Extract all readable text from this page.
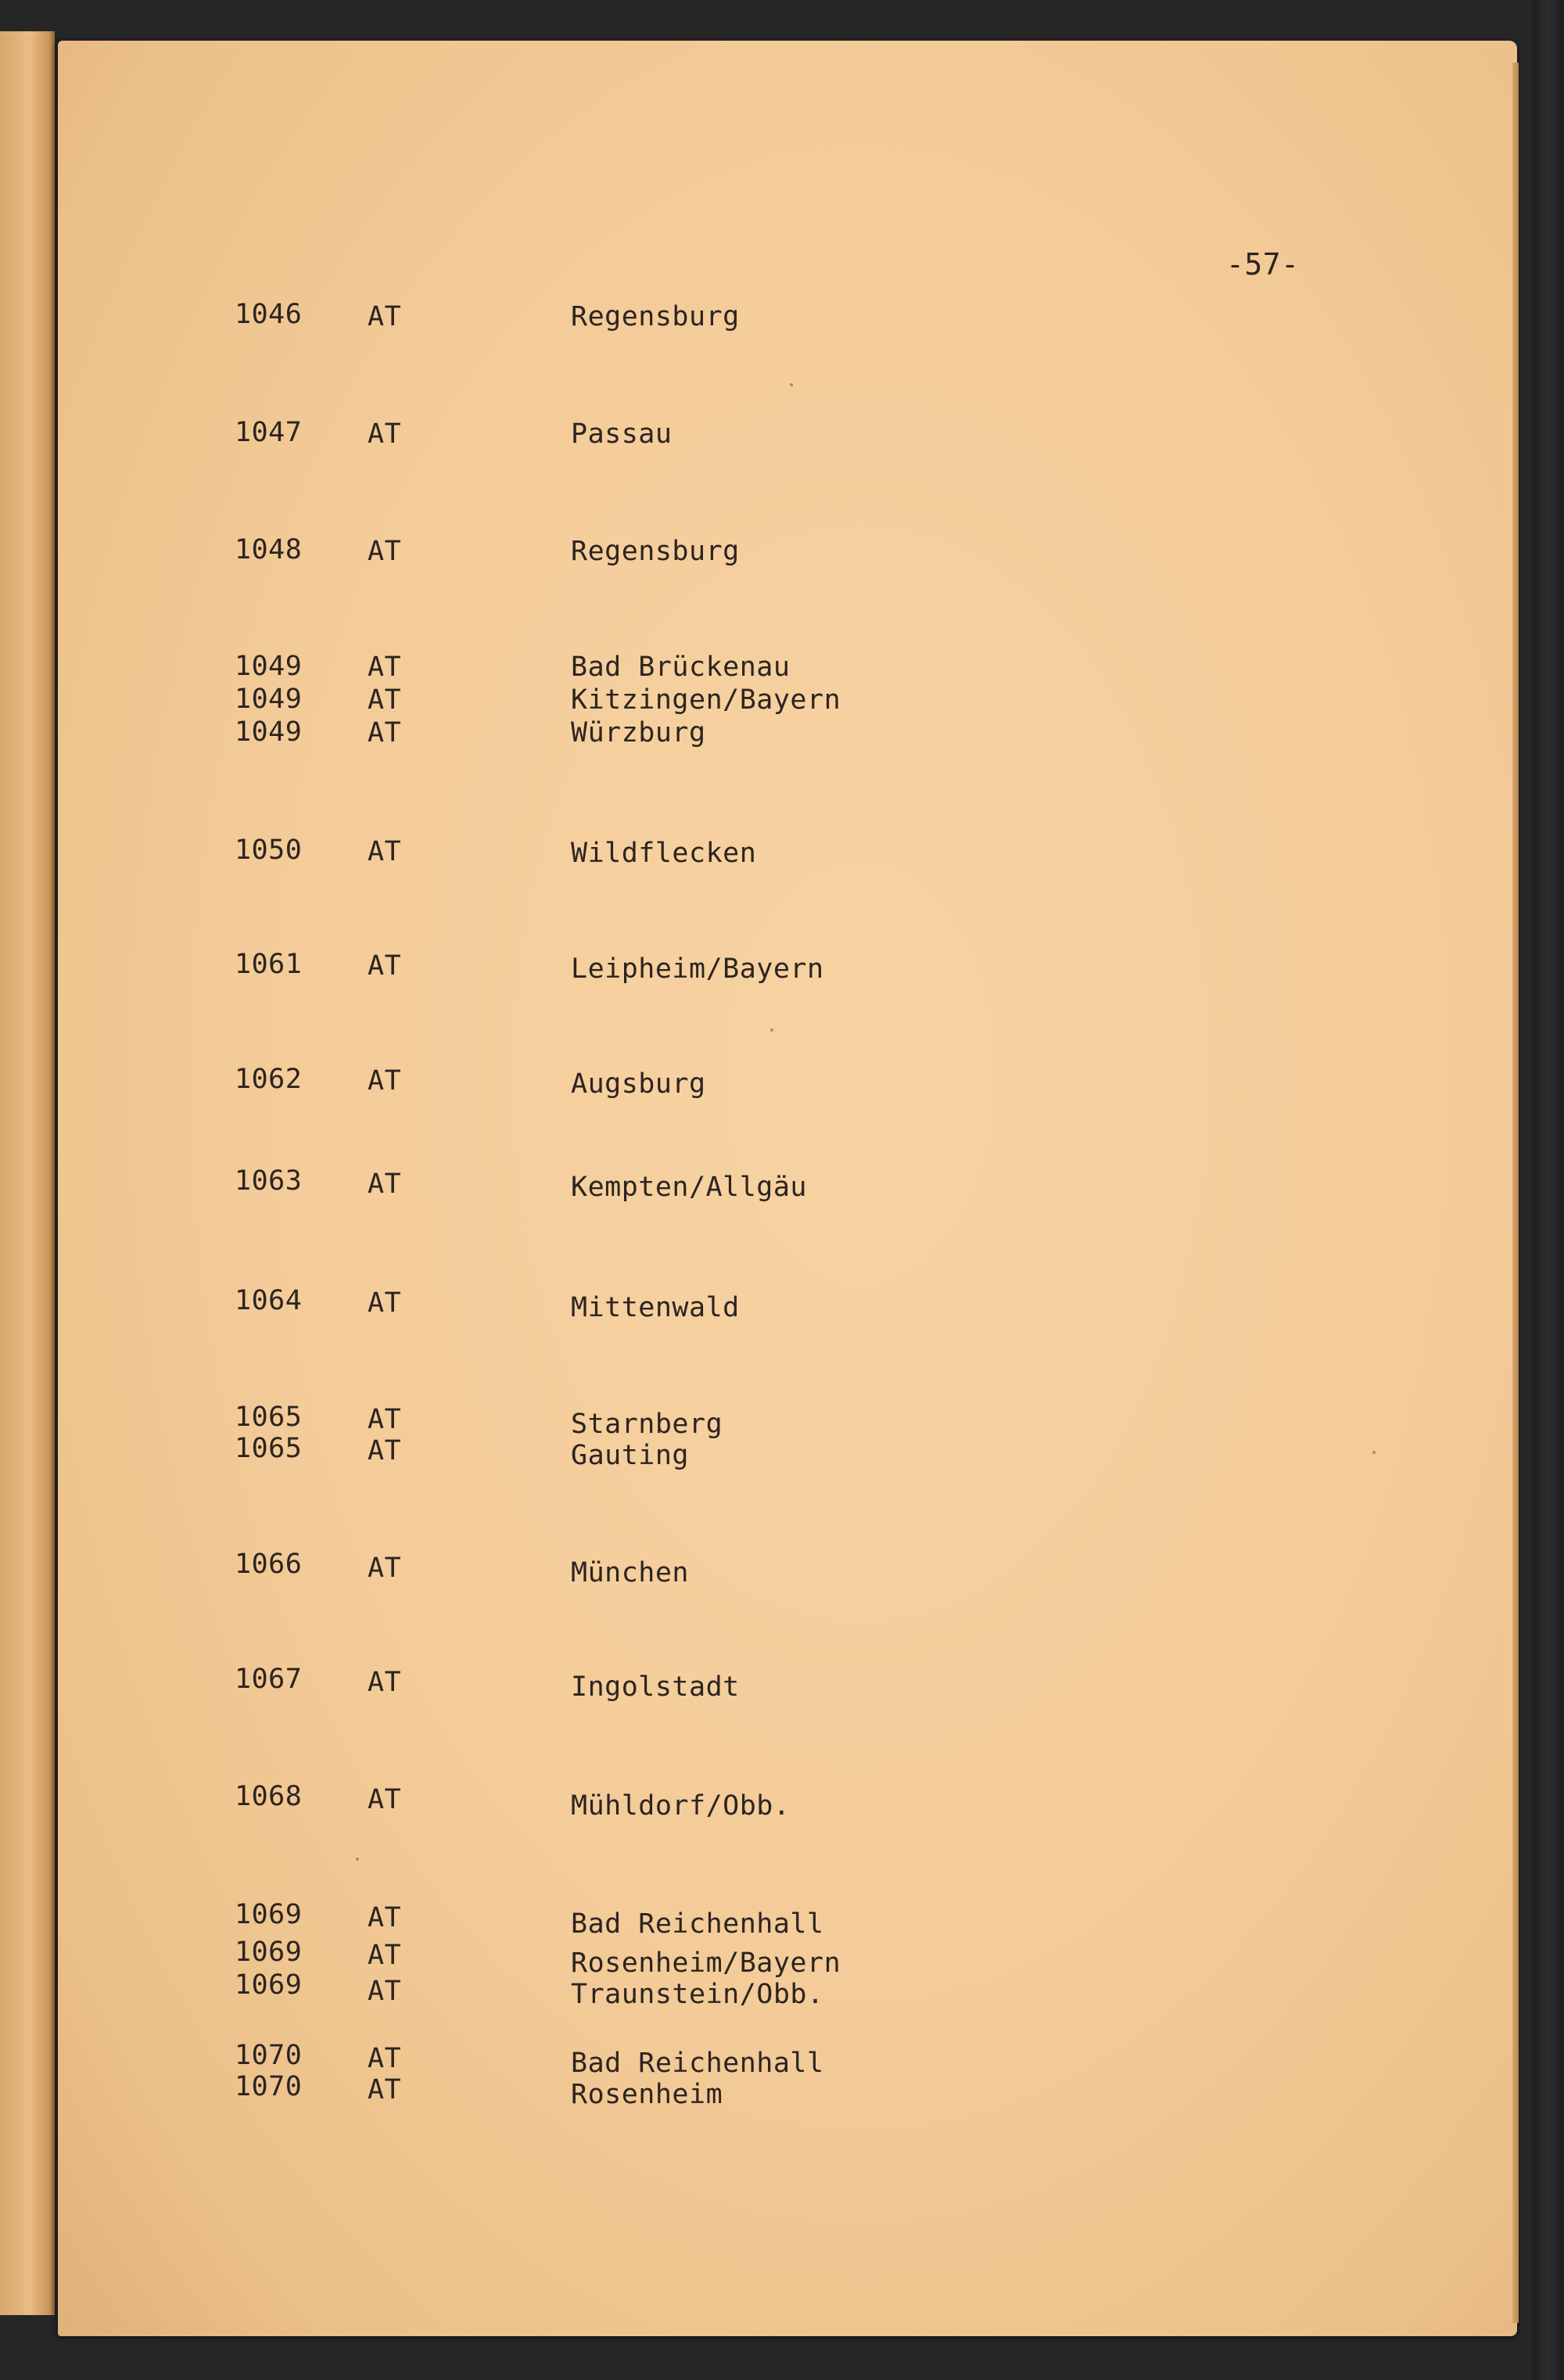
-57-
1046 AT	Regensburg
1047 AT	Passau
1048 AT	Regensburg
1049 AT	Bad Brückenau
1049 AT	Kitzingen/Bayern
1049 AT	Würzburg
1050 AT	Wildflecken
1061 AT	Leipheim/Bayern
1062 AT	Augsburg
1063 AT	Kempten/Allgäu
1064 AT	Mittenwald
1065 AT	Starnberg
1065 AT	Gauting
1066 AT	München
1067 AT	Ingolstadt
1068 AT	Mühldorf/Obb.
1069 AT	Bad Reichenhall
1069 AT	Rosenheim/Bayern
1069 AT	Traunstein/Obb.
1070 AT	Bad Reichenhall
1070 AT	Rosenheim
